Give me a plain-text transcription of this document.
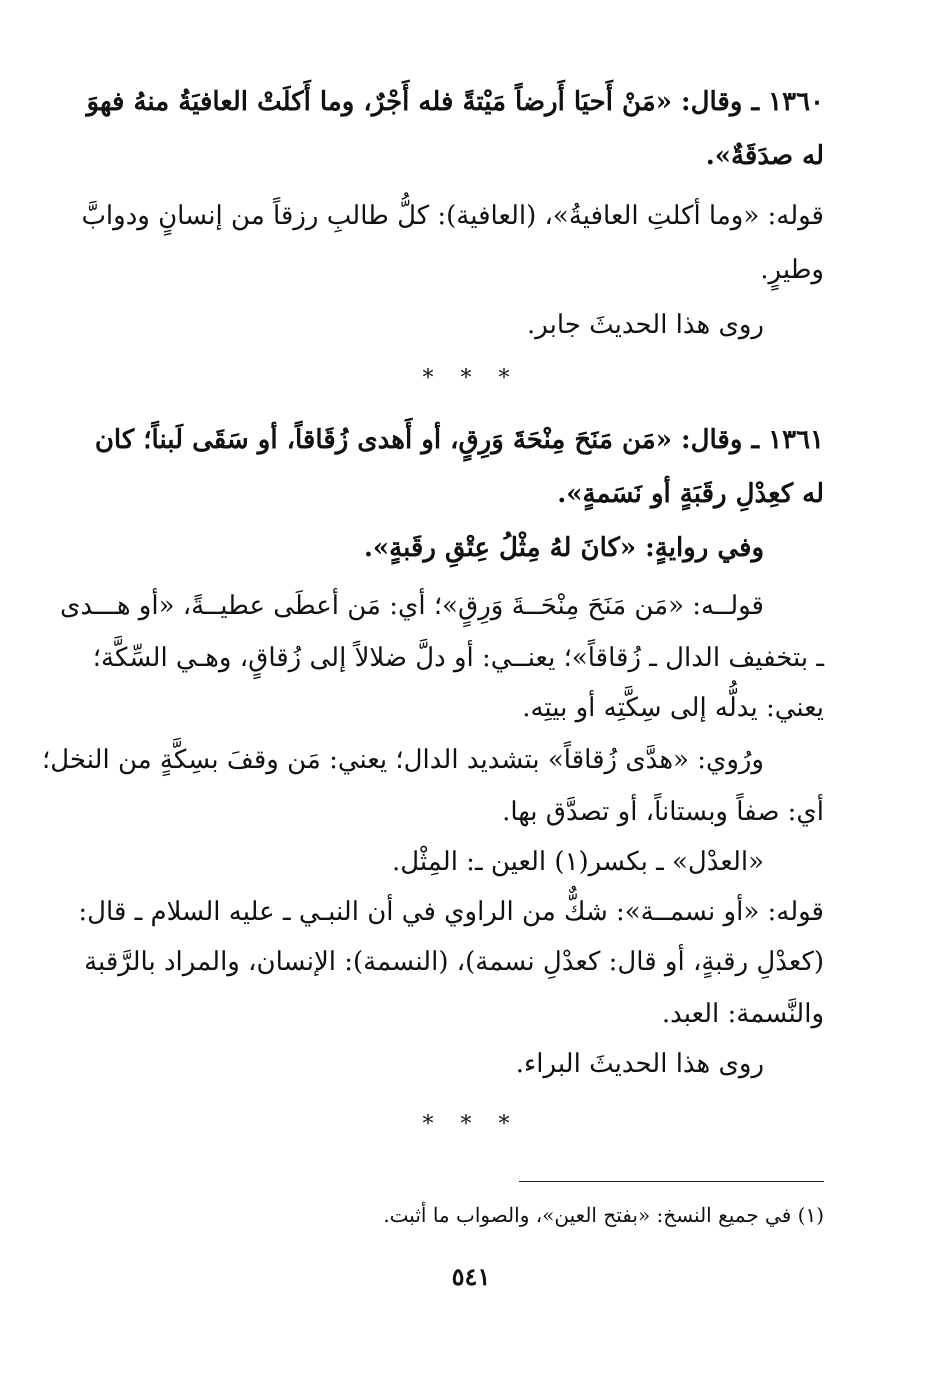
١٣٦٠ ـ وقال: «مَنْ أَحيَا أَرضاً مَيْتةً فله أَجْرٌ، وما أَكلَتْ العافيَةُ منهُ فهوَ
له صدَقَةٌ».
قوله: «وما أكلتِ العافيةُ»، (العافية): كلُّ طالبِ رزقاً من إنسانٍ ودوابَّ
وطيرٍ.
روى هذا الحديثَ جابر.
* * *
١٣٦١ ـ وقال: «مَن مَنَحَ مِنْحَةَ وَرِقٍ، أو أَهدى زُقَاقاً، أو سَقَى لَبناً؛ كان
له كعِدْلِ رقَبَةٍ أو نَسَمةٍ».
وفي روايةٍ: «كانَ لهُ مِثْلُ عِتْقِ رقَبةٍ».
قولــه: «مَن مَنَحَ مِنْحَــةَ وَرِقٍ»؛ أي: مَن أعطَى عطيــةً، «أو هـــدى
ـ بتخفيف الدال ـ زُقاقاً»؛ يعنــي: أو دلَّ ضلالاً إلى زُقاقٍ، وهـي السِّكَّة؛
يعني: يدلُّه إلى سِكَّتِه أو بيتِه.
ورُوي: «هدَّى زُقاقاً» بتشديد الدال؛ يعني: مَن وقفَ بسِكَّةٍ من النخل؛
أي: صفاً وبستاناً، أو تصدَّق بها.
«العدْل» ـ بكسر(١) العين ـ: المِثْل.
قوله: «أو نسمــة»: شكٌّ من الراوي في أن النبـي ـ عليه السلام ـ قال:
(كعدْلِ رقبةٍ، أو قال: كعدْلِ نسمة)، (النسمة): الإنسان، والمراد بالرَّقبة
والنَّسمة: العبد.
روى هذا الحديثَ البراء.
* * *
(١) في جميع النسخ: «بفتح العين»، والصواب ما أثبت.
٥٤١
